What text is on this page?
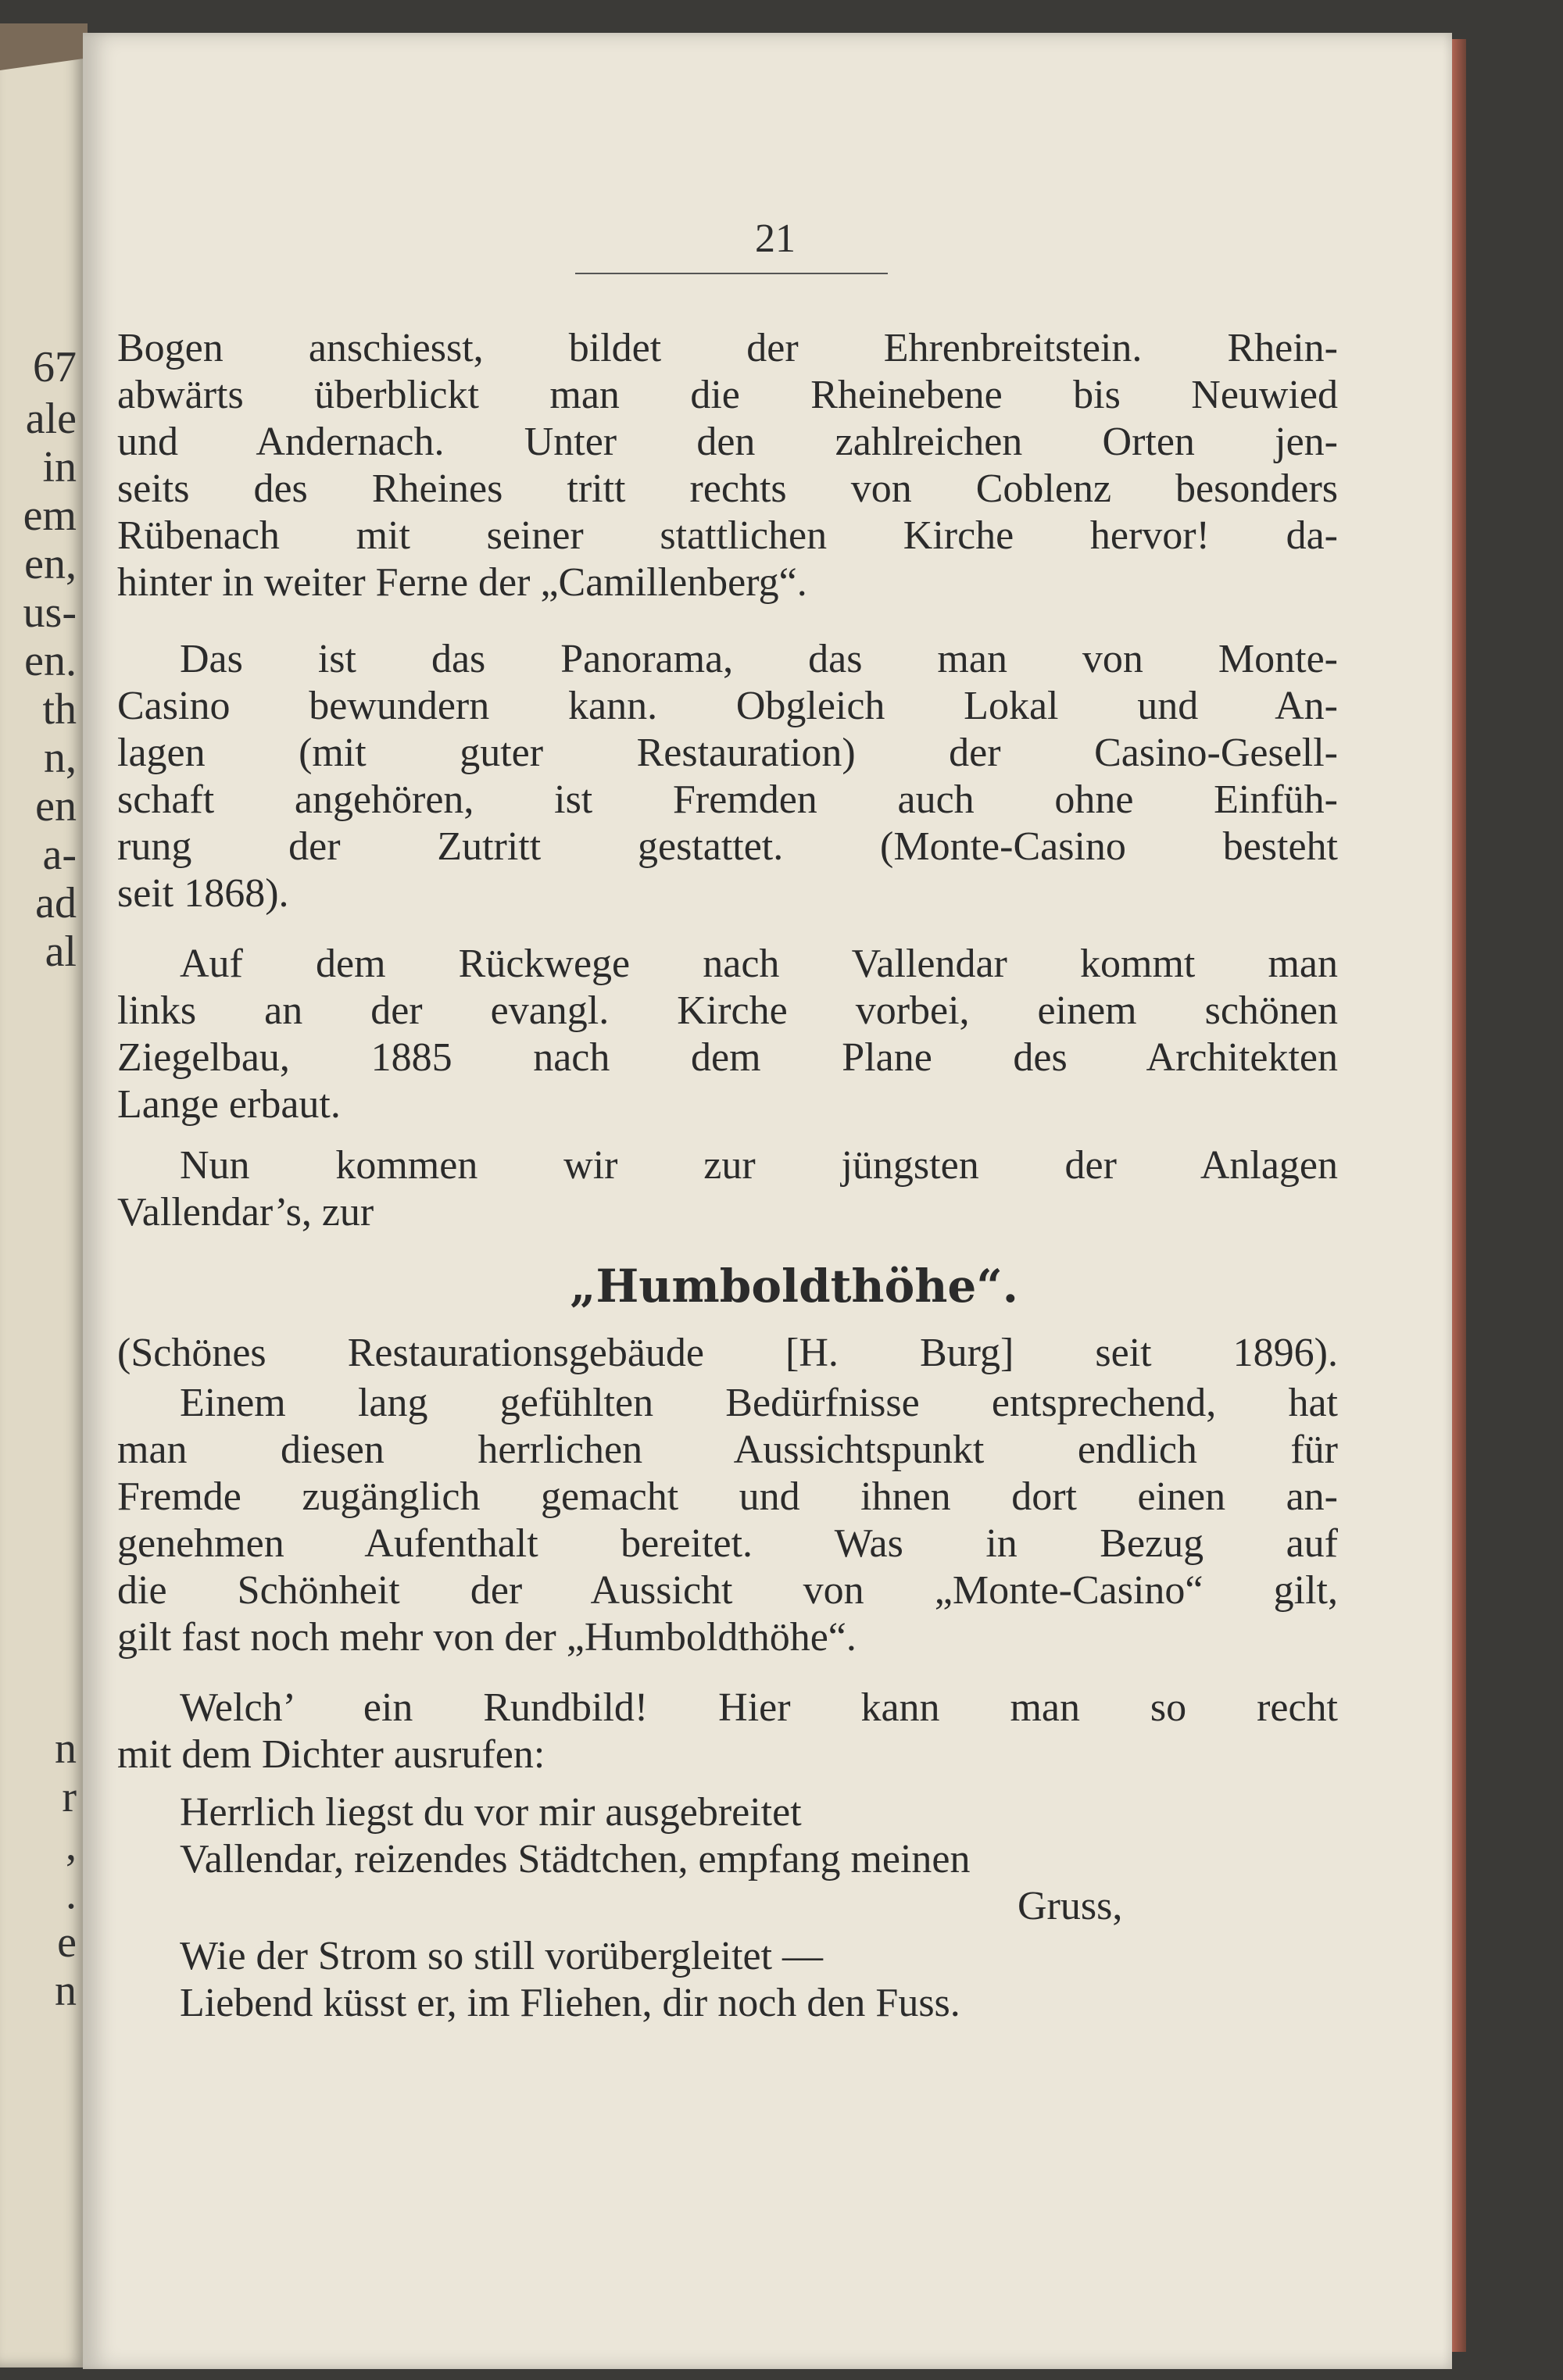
67
ale
in
em
en,
us-
en.
th
n,
en
a-
ad
al
n
r
,
.
e
n
21
Bogen anschiesst, bildet der Ehrenbreitstein. Rhein-
abwärts überblickt man die Rheinebene bis Neuwied
und Andernach. Unter den zahlreichen Orten jen-
seits des Rheines tritt rechts von Coblenz besonders
Rübenach mit seiner stattlichen Kirche hervor! da-
hinter in weiter Ferne der „Camillenberg“.
Das ist das Panorama, das man von Monte-
Casino bewundern kann. Obgleich Lokal und An-
lagen (mit guter Restauration) der Casino-Gesell-
schaft angehören, ist Fremden auch ohne Einfüh-
rung der Zutritt gestattet. (Monte-Casino besteht
seit 1868).
Auf dem Rückwege nach Vallendar kommt man
links an der evangl. Kirche vorbei, einem schönen
Ziegelbau, 1885 nach dem Plane des Architekten
Lange erbaut.
Nun kommen wir zur jüngsten der Anlagen
Vallendar’s, zur
„Humboldthöhe“.
(Schönes Restaurationsgebäude [H. Burg] seit 1896).
Einem lang gefühlten Bedürfnisse entsprechend, hat
man diesen herrlichen Aussichtspunkt endlich für
Fremde zugänglich gemacht und ihnen dort einen an-
genehmen Aufenthalt bereitet. Was in Bezug auf
die Schönheit der Aussicht von „Monte-Casino“ gilt,
gilt fast noch mehr von der „Humboldthöhe“.
Welch’ ein Rundbild! Hier kann man so recht
mit dem Dichter ausrufen:
Herrlich liegst du vor mir ausgebreitet
Vallendar, reizendes Städtchen, empfang meinen
Gruss,
Wie der Strom so still vorübergleitet —
Liebend küsst er, im Fliehen, dir noch den Fuss.
